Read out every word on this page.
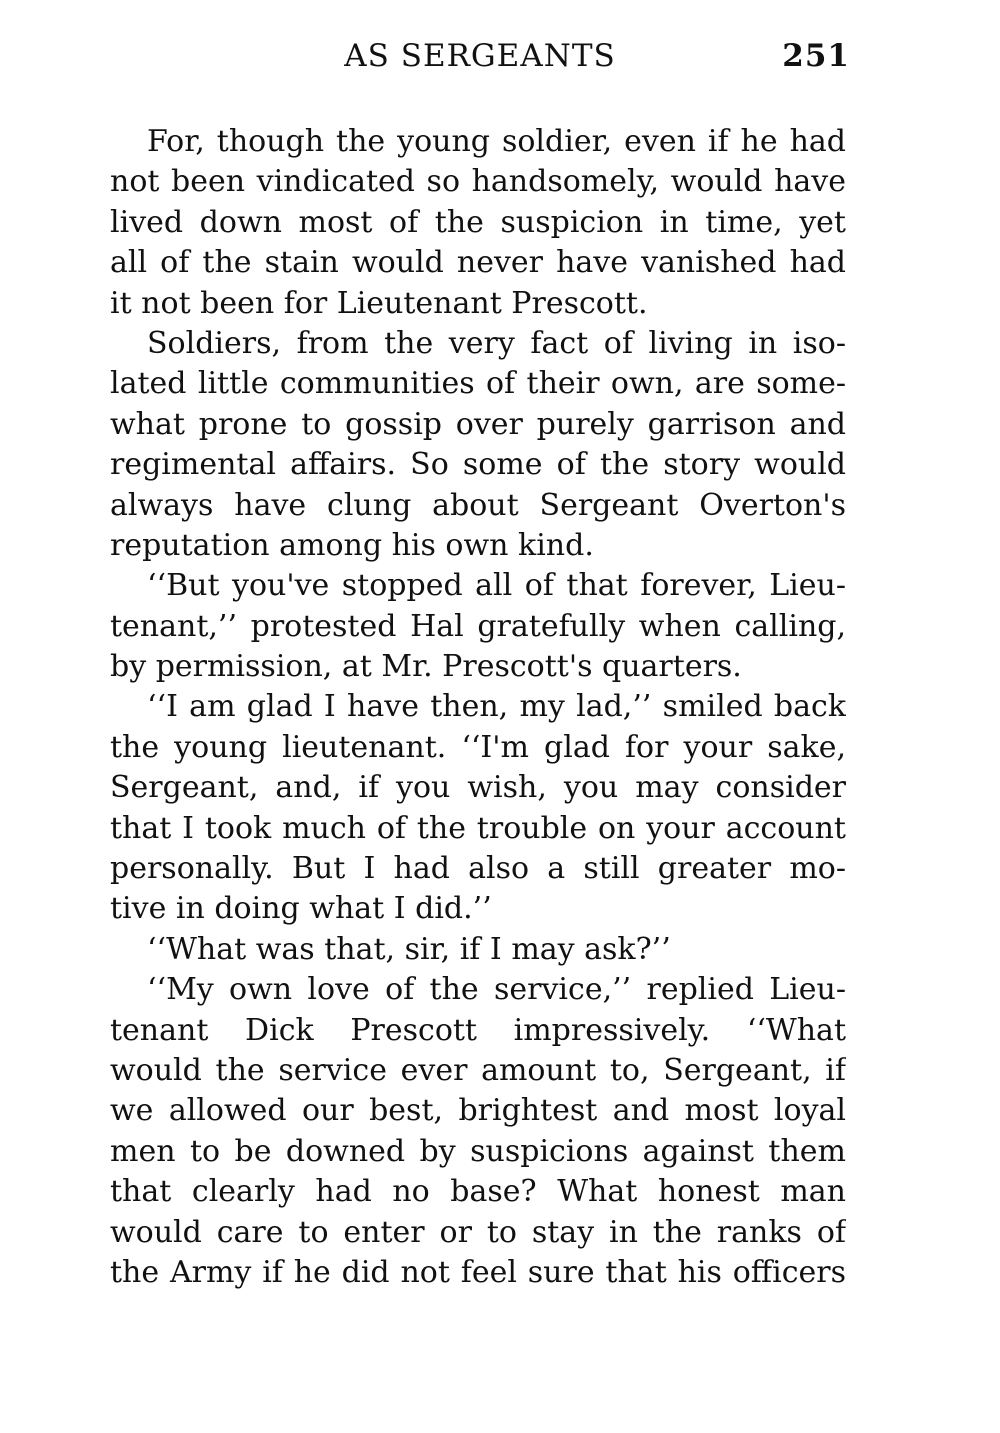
AS SERGEANTS	251
For, though the young soldier, even if he had
not been vindicated so handsomely, would have
lived down most of the suspicion in time, yet
all of the stain would never have vanished had
it not been for Lieutenant Prescott.
Soldiers, from the very fact of living in iso-
lated little communities of their own, are some-
what prone to gossip over purely garrison and
regimental affairs. So some of the story would
always have clung about Sergeant Overton's
reputation among his own kind.
‘‘But you've stopped all of that forever, Lieu-
tenant,’’ protested Hal gratefully when calling,
by permission, at Mr. Prescott's quarters.
‘‘I am glad I have then, my lad,’’ smiled back
the young lieutenant. ‘‘I'm glad for your sake,
Sergeant, and, if you wish, you may consider
that I took much of the trouble on your account
personally. But I had also a still greater mo-
tive in doing what I did.’’
‘‘What was that, sir, if I may ask?’’
‘‘My own love of the service,’’ replied Lieu-
tenant Dick Prescott impressively. ‘‘What
would the service ever amount to, Sergeant, if
we allowed our best, brightest and most loyal
men to be downed by suspicions against them
that clearly had no base? What honest man
would care to enter or to stay in the ranks of
the Army if he did not feel sure that his officers
